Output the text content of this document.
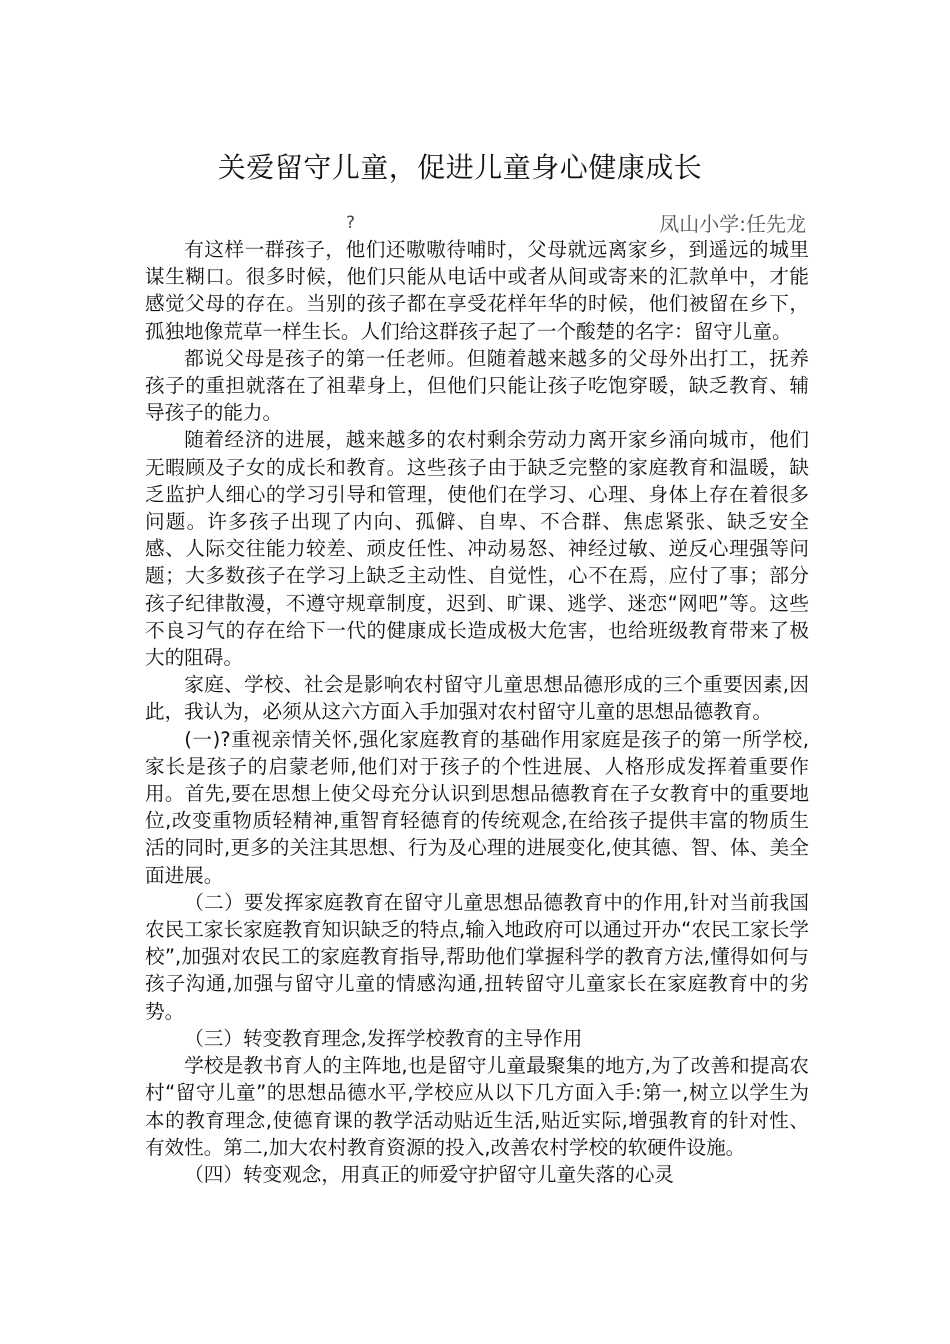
关爱留守儿童，促进儿童身心健康成长
?	凤山小学:任先龙

有这样一群孩子，他们还嗷嗷待哺时，父母就远离家乡，到遥远的城里谋生糊口。很多时候，他们只能从电话中或者从间或寄来的汇款单中，才能感觉父母的存在。当别的孩子都在享受花样年华的时候，他们被留在乡下，孤独地像荒草一样生长。人们给这群孩子起了一个酸楚的名字：留守儿童。

都说父母是孩子的第一任老师。但随着越来越多的父母外出打工，抚养孩子的重担就落在了祖辈身上，但他们只能让孩子吃饱穿暖，缺乏教育、辅导孩子的能力。

随着经济的进展，越来越多的农村剩余劳动力离开家乡涌向城市，他们无暇顾及子女的成长和教育。这些孩子由于缺乏完整的家庭教育和温暖，缺乏监护人细心的学习引导和管理，使他们在学习、心理、身体上存在着很多问题。许多孩子出现了内向、孤僻、自卑、不合群、焦虑紧张、缺乏安全感、人际交往能力较差、顽皮任性、冲动易怒、神经过敏、逆反心理强等问题；大多数孩子在学习上缺乏主动性、自觉性，心不在焉，应付了事；部分孩子纪律散漫，不遵守规章制度，迟到、旷课、逃学、迷恋“网吧”等。这些不良习气的存在给下一代的健康成长造成极大危害，也给班级教育带来了极大的阻碍。

家庭、学校、社会是影响农村留守儿童思想品德形成的三个重要因素,因此，我认为，必须从这六方面入手加强对农村留守儿童的思想品德教育。

(一)?重视亲情关怀,强化家庭教育的基础作用家庭是孩子的第一所学校,家长是孩子的启蒙老师,他们对于孩子的个性进展、人格形成发挥着重要作用。首先,要在思想上使父母充分认识到思想品德教育在子女教育中的重要地位,改变重物质轻精神,重智育轻德育的传统观念,在给孩子提供丰富的物质生活的同时,更多的关注其思想、行为及心理的进展变化,使其德、智、体、美全面进展。

（二）要发挥家庭教育在留守儿童思想品德教育中的作用,针对当前我国农民工家长家庭教育知识缺乏的特点,输入地政府可以通过开办“农民工家长学校”,加强对农民工的家庭教育指导,帮助他们掌握科学的教育方法,懂得如何与孩子沟通,加强与留守儿童的情感沟通,扭转留守儿童家长在家庭教育中的劣势。

（三）转变教育理念,发挥学校教育的主导作用

学校是教书育人的主阵地,也是留守儿童最聚集的地方,为了改善和提高农村“留守儿童”的思想品德水平,学校应从以下几方面入手:第一,树立以学生为本的教育理念,使德育课的教学活动贴近生活,贴近实际,增强教育的针对性、有效性。第二,加大农村教育资源的投入,改善农村学校的软硬件设施。

（四）转变观念，用真正的师爱守护留守儿童失落的心灵
